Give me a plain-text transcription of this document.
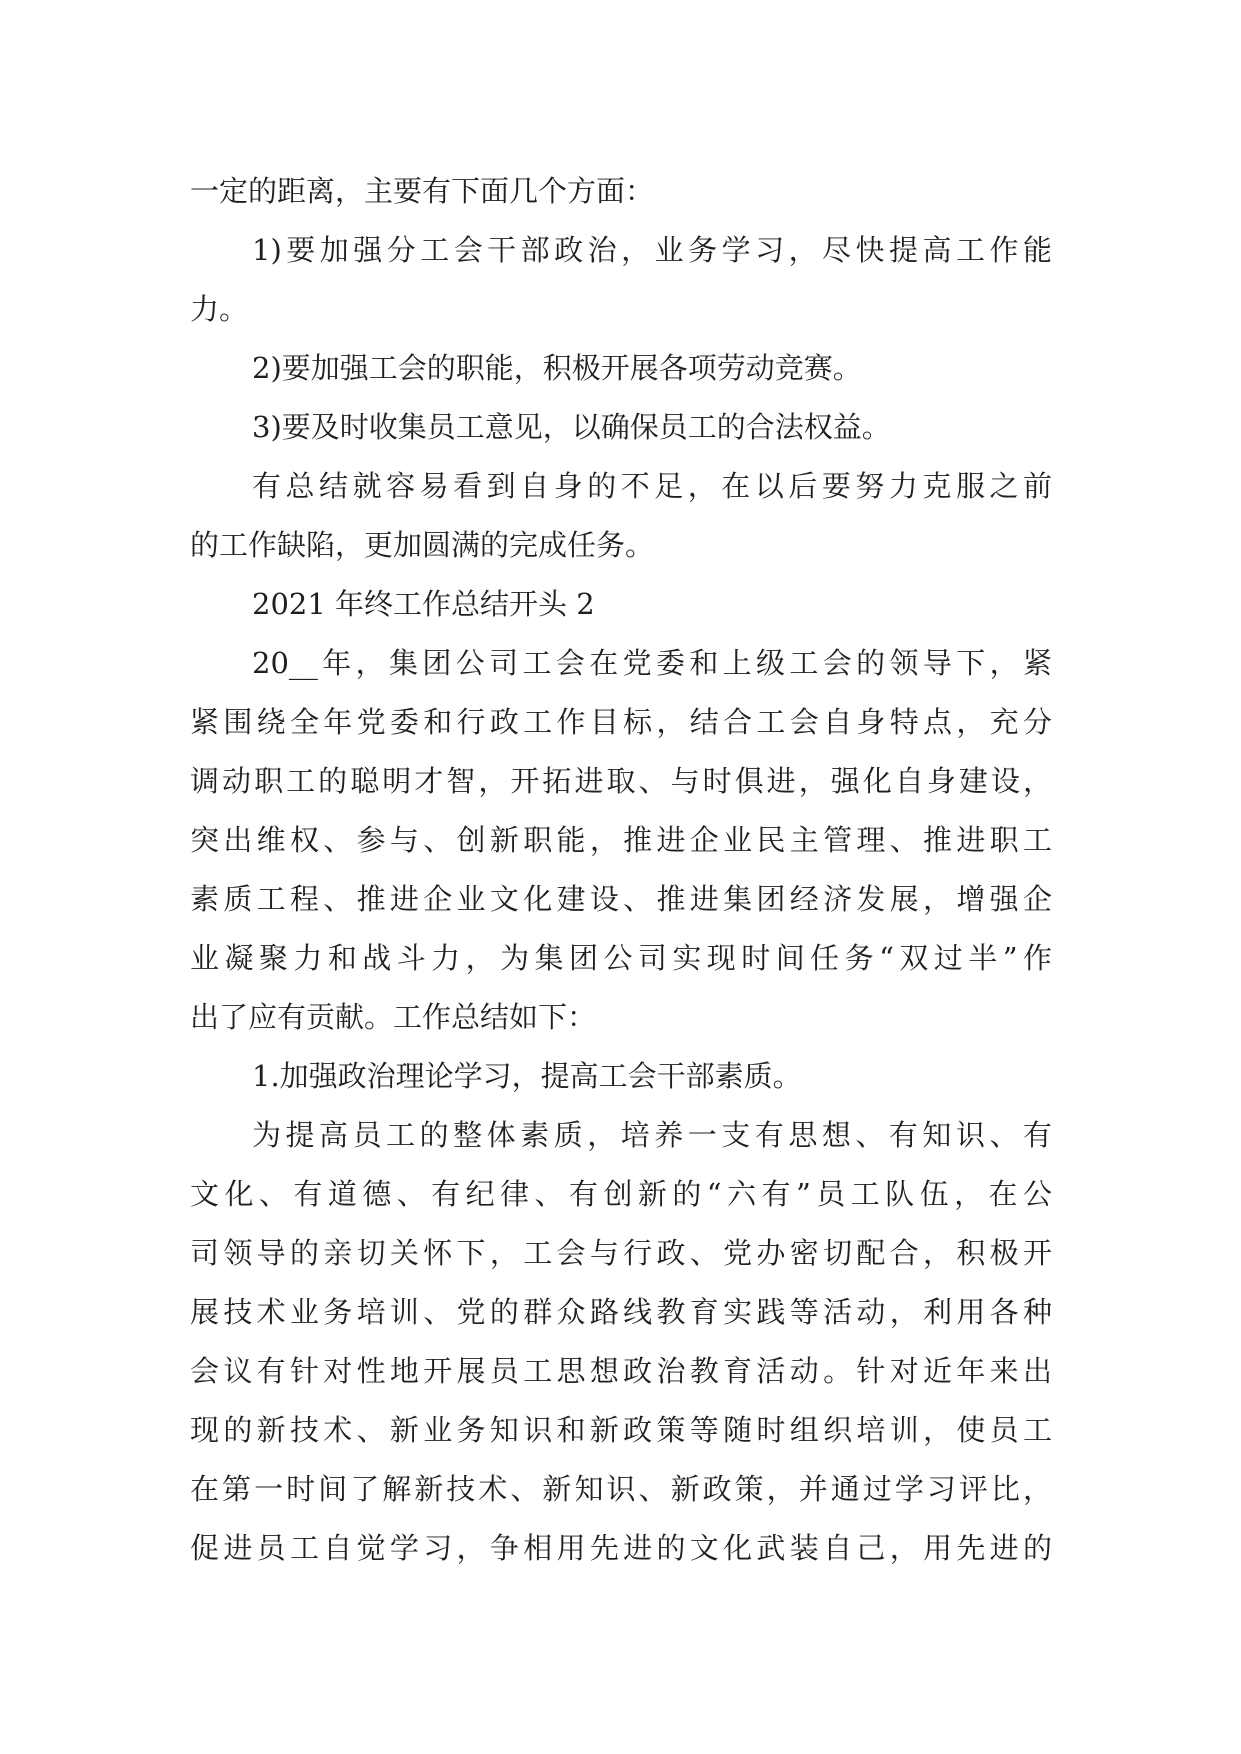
一定的距离，主要有下面几个方面：
1)要加强分工会干部政治，业务学习，尽快提高工作能
力。
2)要加强工会的职能，积极开展各项劳动竞赛。
3)要及时收集员工意见，以确保员工的合法权益。
有总结就容易看到自身的不足，在以后要努力克服之前
的工作缺陷，更加圆满的完成任务。
2021 年终工作总结开头 2
20__年，集团公司工会在党委和上级工会的领导下，紧
紧围绕全年党委和行政工作目标，结合工会自身特点，充分
调动职工的聪明才智，开拓进取、与时俱进，强化自身建设，
突出维权、参与、创新职能，推进企业民主管理、推进职工
素质工程、推进企业文化建设、推进集团经济发展，增强企
业凝聚力和战斗力，为集团公司实现时间任务“双过半”作
出了应有贡献。工作总结如下：
1.加强政治理论学习，提高工会干部素质。
为提高员工的整体素质，培养一支有思想、有知识、有
文化、有道德、有纪律、有创新的“六有”员工队伍，在公
司领导的亲切关怀下，工会与行政、党办密切配合，积极开
展技术业务培训、党的群众路线教育实践等活动，利用各种
会议有针对性地开展员工思想政治教育活动。针对近年来出
现的新技术、新业务知识和新政策等随时组织培训，使员工
在第一时间了解新技术、新知识、新政策，并通过学习评比，
促进员工自觉学习，争相用先进的文化武装自己，用先进的
